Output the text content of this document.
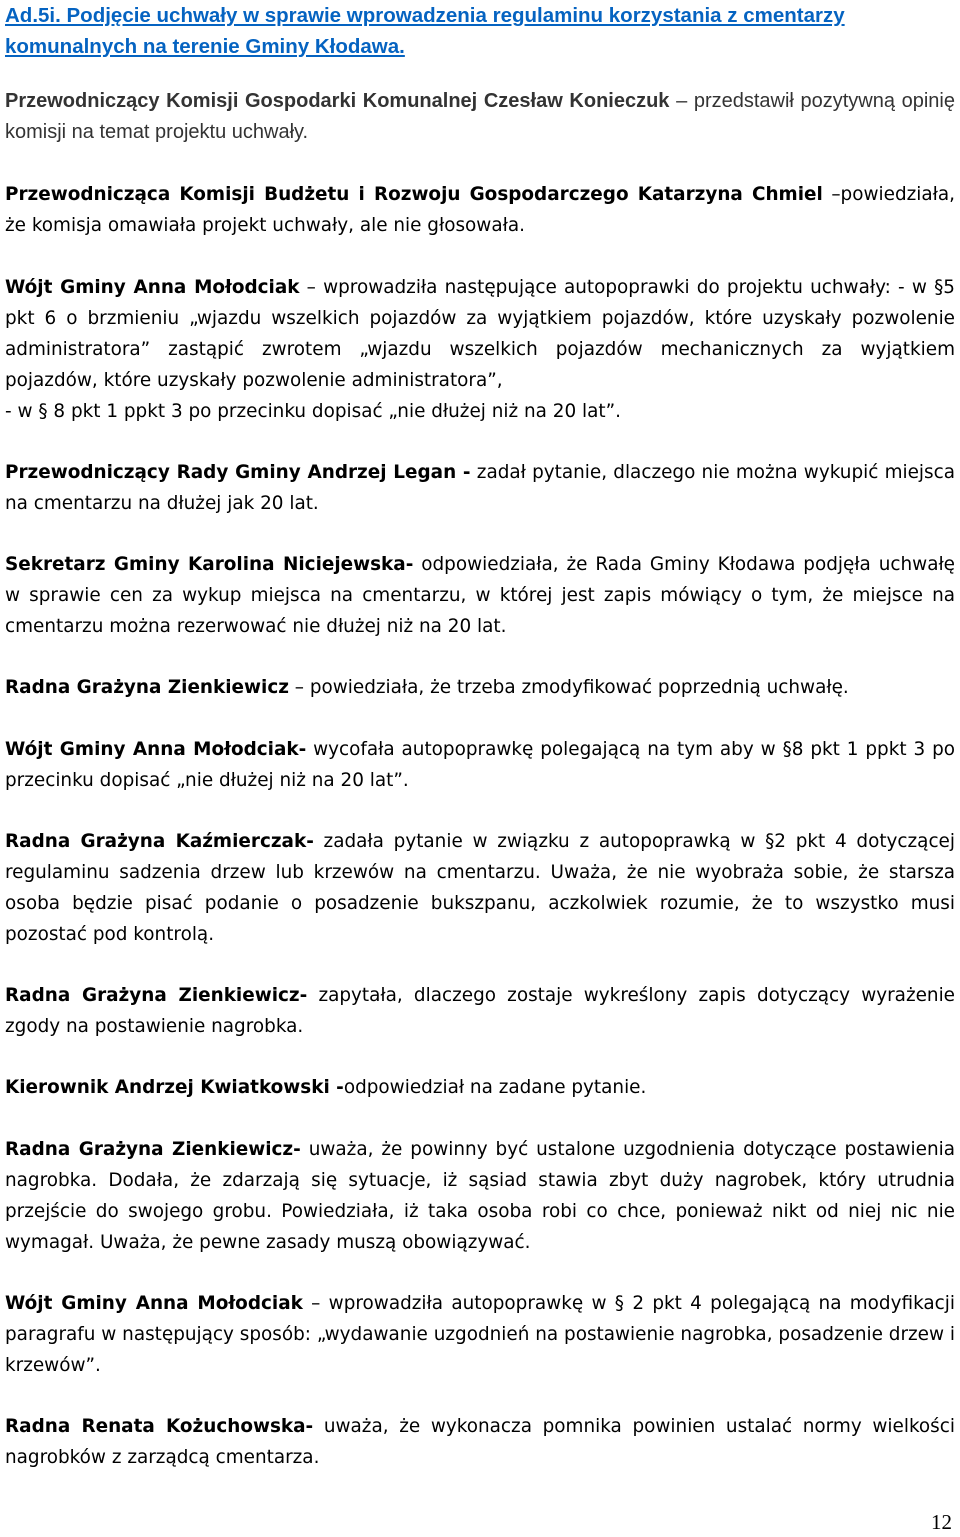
Ad.5i. Podjęcie uchwały w sprawie wprowadzenia regulaminu korzystania z cmentarzy komunalnych na terenie Gminy Kłodawa.
Przewodniczący Komisji Gospodarki Komunalnej Czesław Konieczuk – przedstawił pozytywną opinię komisji na temat projektu uchwały.
Przewodnicząca Komisji Budżetu i Rozwoju Gospodarczego Katarzyna Chmiel –powiedziała, że komisja omawiała projekt uchwały, ale nie głosowała.
Wójt Gminy Anna Mołodciak – wprowadziła następujące autopoprawki do projektu uchwały: - w §5 pkt 6 o brzmieniu „wjazdu wszelkich pojazdów za wyjątkiem pojazdów, które uzyskały pozwolenie administratora” zastąpić zwrotem „wjazdu wszelkich pojazdów mechanicznych za wyjątkiem pojazdów, które uzyskały pozwolenie administratora”,
- w § 8 pkt 1 ppkt 3 po przecinku dopisać „nie dłużej niż na 20 lat”.
Przewodniczący Rady Gminy Andrzej Legan - zadał pytanie, dlaczego nie można wykupić miejsca na cmentarzu na dłużej jak 20 lat.
Sekretarz Gminy Karolina Niciejewska- odpowiedziała, że Rada Gminy Kłodawa podjęła uchwałę w sprawie cen za wykup miejsca na cmentarzu, w której jest zapis mówiący o tym, że miejsce na cmentarzu można rezerwować nie dłużej niż na 20 lat.
Radna Grażyna Zienkiewicz – powiedziała, że trzeba zmodyfikować poprzednią uchwałę.
Wójt Gminy Anna Mołodciak- wycofała autopoprawkę polegającą na tym aby w §8 pkt 1 ppkt 3 po przecinku dopisać „nie dłużej niż na 20 lat”.
Radna Grażyna Kaźmierczak- zadała pytanie w związku z autopoprawką w §2 pkt 4 dotyczącej regulaminu sadzenia drzew lub krzewów na cmentarzu. Uważa, że nie wyobraża sobie, że starsza osoba będzie pisać podanie o posadzenie bukszpanu, aczkolwiek rozumie, że to wszystko musi pozostać pod kontrolą.
Radna Grażyna Zienkiewicz- zapytała, dlaczego zostaje wykreślony zapis dotyczący wyrażenie zgody na postawienie nagrobka.
Kierownik Andrzej Kwiatkowski -odpowiedział na zadane pytanie.
Radna Grażyna Zienkiewicz- uważa, że powinny być ustalone uzgodnienia dotyczące postawienia nagrobka. Dodała, że zdarzają się sytuacje, iż sąsiad stawia zbyt duży nagrobek, który utrudnia przejście do swojego grobu. Powiedziała, iż taka osoba robi co chce, ponieważ nikt od niej nic nie wymagał. Uważa, że pewne zasady muszą obowiązywać.
Wójt Gminy Anna Mołodciak – wprowadziła autopoprawkę w § 2 pkt 4 polegającą na modyfikacji paragrafu w następujący sposób: „wydawanie uzgodnień na postawienie nagrobka, posadzenie drzew i krzewów”.
Radna Renata Kożuchowska- uważa, że wykonacza pomnika powinien ustalać normy wielkości nagrobków z zarządcą cmentarza.
12
